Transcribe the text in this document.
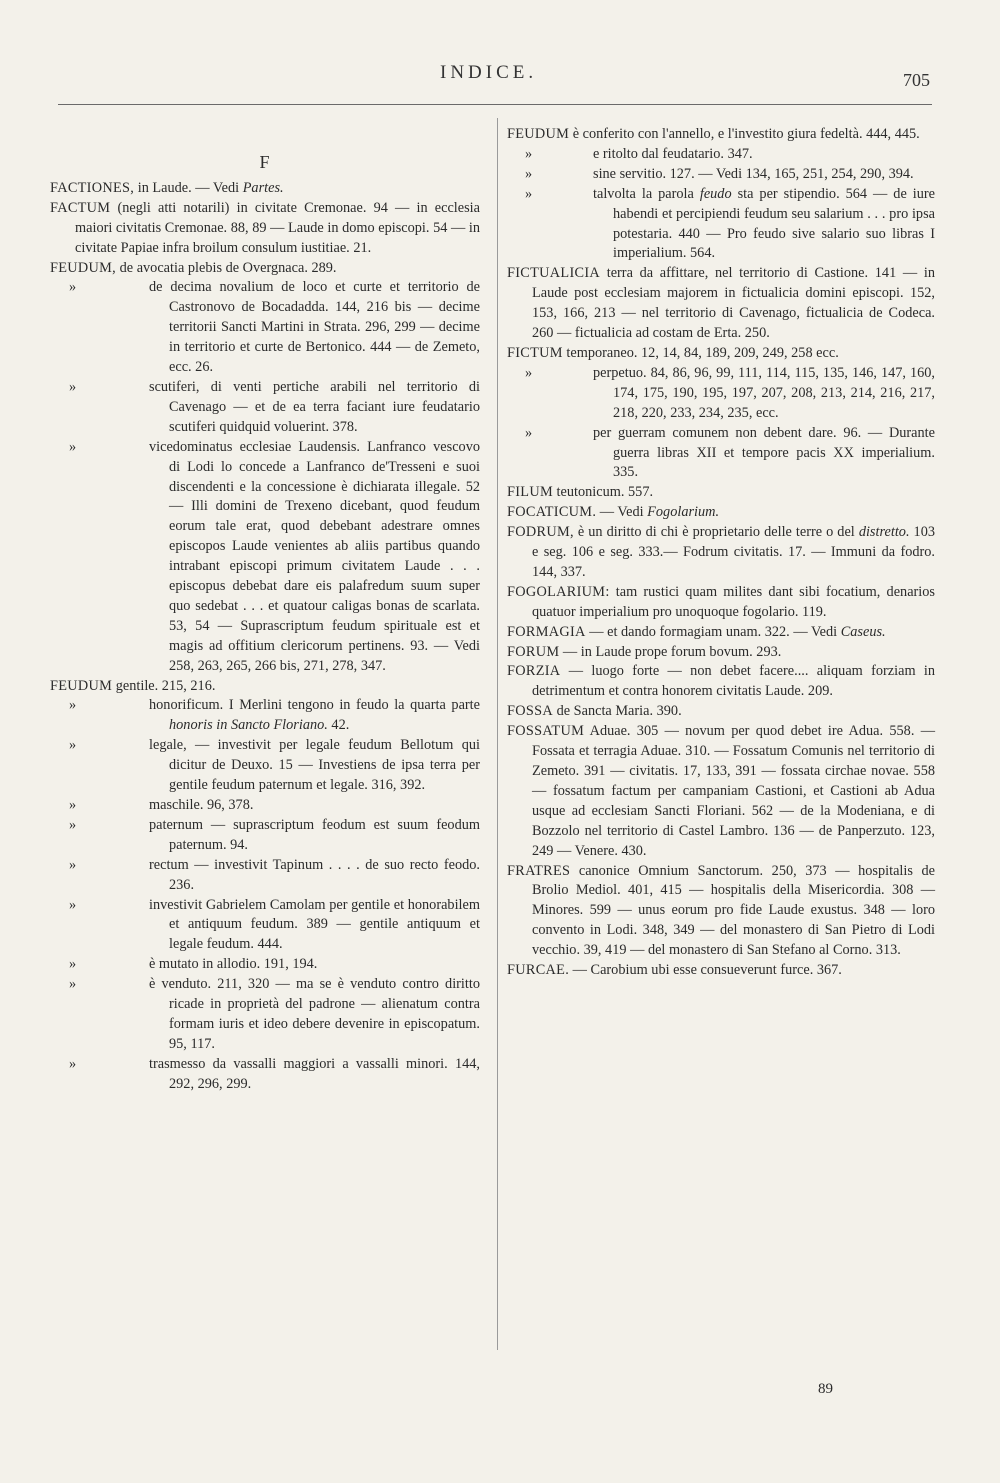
INDICE.	705
F
FACTIONES, in Laude. — Vedi Partes.
FACTUM (negli atti notarili) in civitate Cremonae. 94 — in ecclesia maiori civitatis Cremonae. 88, 89 — Laude in domo episcopi. 54 — in civitate Papiae infra broilum consulum iustitiae. 21.
FEUDUM, de avocatia plebis de Overgnaca. 289.
»	de decima novalium de loco et curte et territorio de Castronovo de Bocadadda. 144, 216 bis — decime territorii Sancti Martini in Strata. 296, 299 — decime in territorio et curte de Bertonico. 444 — de Zemeto, ecc. 26.
»	scutiferi, di venti pertiche arabili nel territorio di Cavenago — et de ea terra faciant iure feudatario scutiferi quidquid voluerint. 378.
»	vicedominatus ecclesiae Laudensis. Lanfranco vescovo di Lodi lo concede a Lanfranco de'Tresseni e suoi discendenti e la concessione è dichiarata illegale. 52 — Illi domini de Trexeno dicebant, quod feudum eorum tale erat, quod debebant adestrare omnes episcopos Laude venientes ab aliis partibus quando intrabant episcopi primum civitatem Laude . . . episcopus debebat dare eis palafredum suum super quo sedebat . . . et quatour caligas bonas de scarlata. 53, 54 — Suprascriptum feudum spirituale est et magis ad offitium clericorum pertinens. 93. — Vedi 258, 263, 265, 266 bis, 271, 278, 347.
FEUDUM gentile. 215, 216.
»	honorificum. I Merlini tengono in feudo la quarta parte honoris in Sancto Floriano. 42.
»	legale, — investivit per legale feudum Bellotum qui dicitur de Deuxo. 15 — Investiens de ipsa terra per gentile feudum paternum et legale. 316, 392.
»	maschile. 96, 378.
»	paternum — suprascriptum feodum est suum feodum paternum. 94.
»	rectum — investivit Tapinum . . . . de suo recto feodo. 236.
»	investivit Gabrielem Camolam per gentile et honorabilem et antiquum feudum. 389 — gentile antiquum et legale feudum. 444.
»	è mutato in allodio. 191, 194.
»	è venduto. 211, 320 — ma se è venduto contro diritto ricade in proprietà del padrone — alienatum contra formam iuris et ideo debere devenire in episcopatum. 95, 117.
»	trasmesso da vassalli maggiori a vassalli minori. 144, 292, 296, 299.
FEUDUM è conferito con l'annello, e l'investito giura fedeltà. 444, 445.
»	e ritolto dal feudatario. 347.
»	sine servitio. 127. — Vedi 134, 165, 251, 254, 290, 394.
»	talvolta la parola feudo sta per stipendio. 564 — de iure habendi et percipiendi feudum seu salarium . . . pro ipsa potestaria. 440 — Pro feudo sive salario suo libras I imperialium. 564.
FICTUALICIA terra da affittare, nel territorio di Castione. 141 — in Laude post ecclesiam majorem in fictualicia domini episcopi. 152, 153, 166, 213 — nel territorio di Cavenago, fictualicia de Codeca. 260 — fictualicia ad costam de Erta. 250.
FICTUM temporaneo. 12, 14, 84, 189, 209, 249, 258 ecc.
»	perpetuo. 84, 86, 96, 99, 111, 114, 115, 135, 146, 147, 160, 174, 175, 190, 195, 197, 207, 208, 213, 214, 216, 217, 218, 220, 233, 234, 235, ecc.
»	per guerram comunem non debent dare. 96. — Durante guerra libras XII et tempore pacis XX imperialium. 335.
FILUM teutonicum. 557.
FOCATICUM. — Vedi Fogolarium.
FODRUM, è un diritto di chi è proprietario delle terre o del distretto. 103 e seg. 106 e seg. 333.— Fodrum civitatis. 17. — Immuni da fodro. 144, 337.
FOGOLARIUM: tam rustici quam milites dant sibi focatium, denarios quatuor imperialium pro unoquoque fogolario. 119.
FORMAGIA — et dando formagiam unam. 322. — Vedi Caseus.
FORUM — in Laude prope forum bovum. 293.
FORZIA — luogo forte — non debet facere.... aliquam forziam in detrimentum et contra honorem civitatis Laude. 209.
FOSSA de Sancta Maria. 390.
FOSSATUM Aduae. 305 — novum per quod debet ire Adua. 558. — Fossata et terragia Aduae. 310. — Fossatum Comunis nel territorio di Zemeto. 391 — civitatis. 17, 133, 391 — fossata circhae novae. 558 — fossatum factum per campaniam Castioni, et Castioni ab Adua usque ad ecclesiam Sancti Floriani. 562 — de la Modeniana, e di Bozzolo nel territorio di Castel Lambro. 136 — de Panperzuto. 123, 249 — Venere. 430.
FRATRES canonice Omnium Sanctorum. 250, 373 — hospitalis de Brolio Mediol. 401, 415 — hospitalis della Misericordia. 308 — Minores. 599 — unus eorum pro fide Laude exustus. 348 — loro convento in Lodi. 348, 349 — del monastero di San Pietro di Lodi vecchio. 39, 419 — del monastero di San Stefano al Corno. 313.
FURCAE. — Carobium ubi esse consueverunt furce. 367.
89
